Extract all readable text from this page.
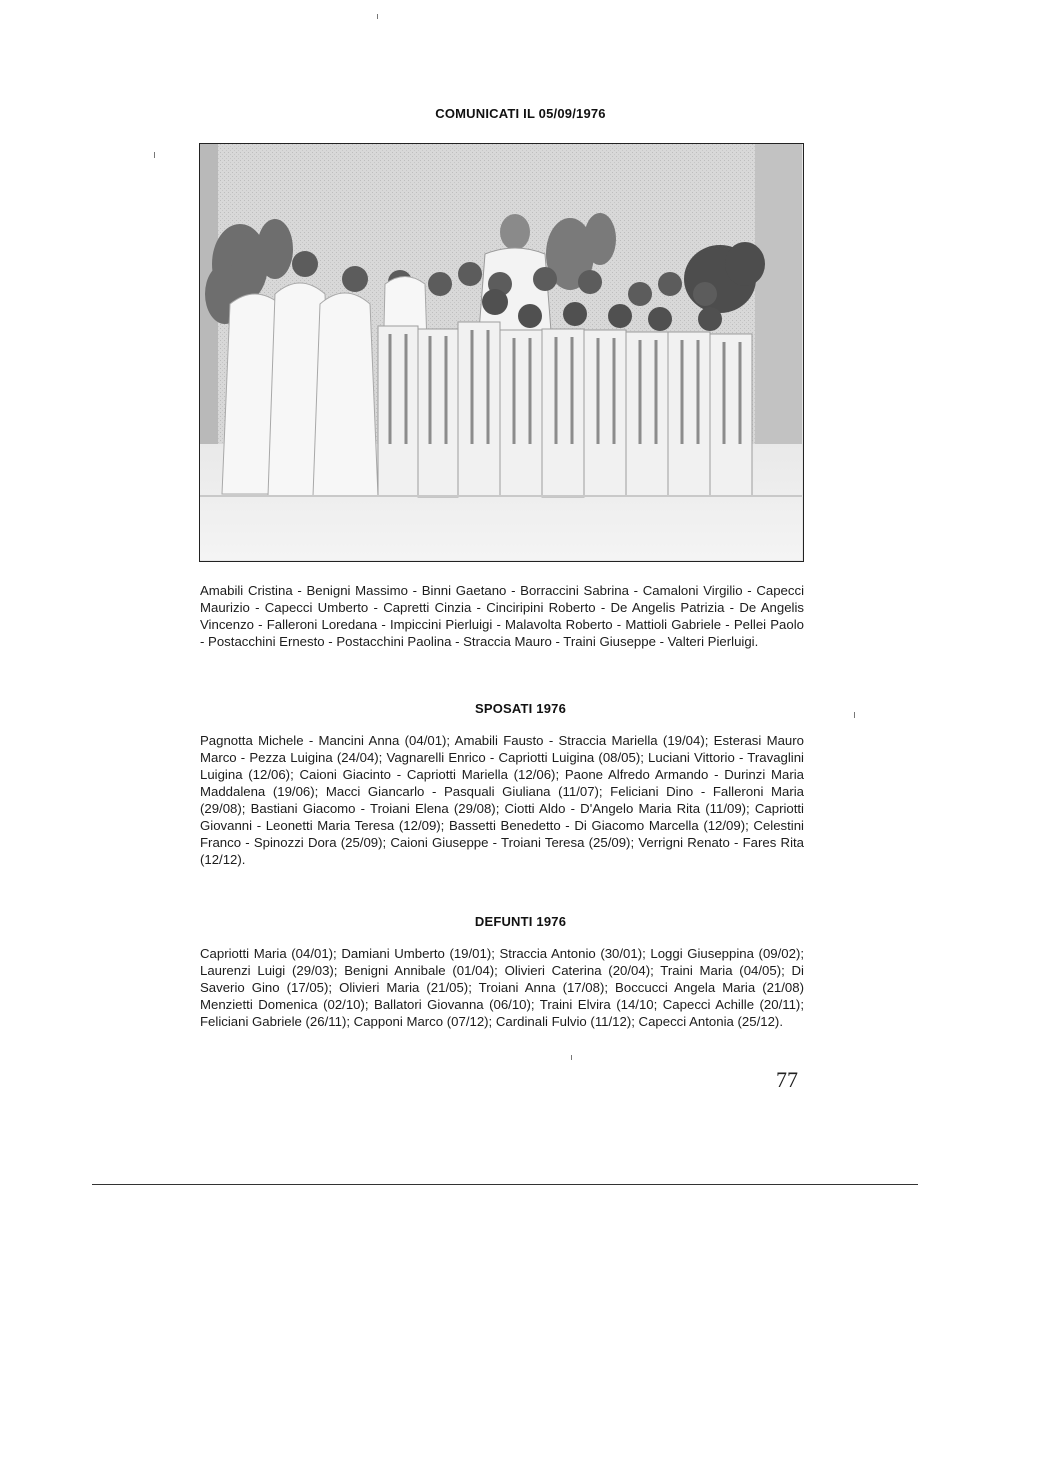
COMUNICATI IL 05/09/1976
Amabili Cristina - Benigni Massimo - Binni Gaetano - Borraccini Sabrina - Camaloni Virgilio - Capecci Maurizio - Capecci Umberto - Capretti Cinzia - Cinciripini Roberto - De Angelis Patrizia - De Angelis Vincenzo - Falleroni Loredana - Impiccini Pierluigi - Malavolta Roberto - Mattioli Gabriele - Pellei Paolo - Postacchini Ernesto - Postacchini Paolina - Straccia Mauro - Traini Giuseppe - Valteri Pierluigi.
SPOSATI 1976
Pagnotta Michele - Mancini Anna (04/01); Amabili Fausto - Straccia Mariella (19/04); Esterasi Mauro Marco - Pezza Luigina (24/04); Vagnarelli Enrico - Capriotti Luigina (08/05); Luciani Vittorio - Travaglini Luigina (12/06); Caioni Giacinto - Capriotti Mariella (12/06); Paone Alfredo Armando - Durinzi Maria Maddalena (19/06); Macci Giancarlo - Pasquali Giuliana (11/07); Feliciani Dino - Falleroni Maria (29/08); Bastiani Giacomo - Troiani Elena (29/08); Ciotti Aldo - D'Angelo Maria Rita (11/09); Capriotti Giovanni - Leonetti Maria Teresa (12/09); Bassetti Benedetto - Di Giacomo Marcella (12/09); Celestini Franco - Spinozzi Dora (25/09); Caioni Giuseppe - Troiani Teresa (25/09); Verrigni Renato - Fares Rita (12/12).
DEFUNTI 1976
Capriotti Maria (04/01); Damiani Umberto (19/01); Straccia Antonio (30/01); Loggi Giuseppina (09/02); Laurenzi Luigi (29/03); Benigni Annibale (01/04); Olivieri Caterina (20/04); Traini Maria (04/05); Di Saverio Gino (17/05); Olivieri Maria (21/05); Troiani Anna (17/08); Boccucci Angela Maria (21/08) Menzietti Domenica (02/10); Ballatori Giovanna (06/10); Traini Elvira (14/10; Capecci Achille (20/11); Feliciani Gabriele (26/11); Capponi Marco (07/12); Cardinali Fulvio (11/12); Capecci Antonia (25/12).
77
